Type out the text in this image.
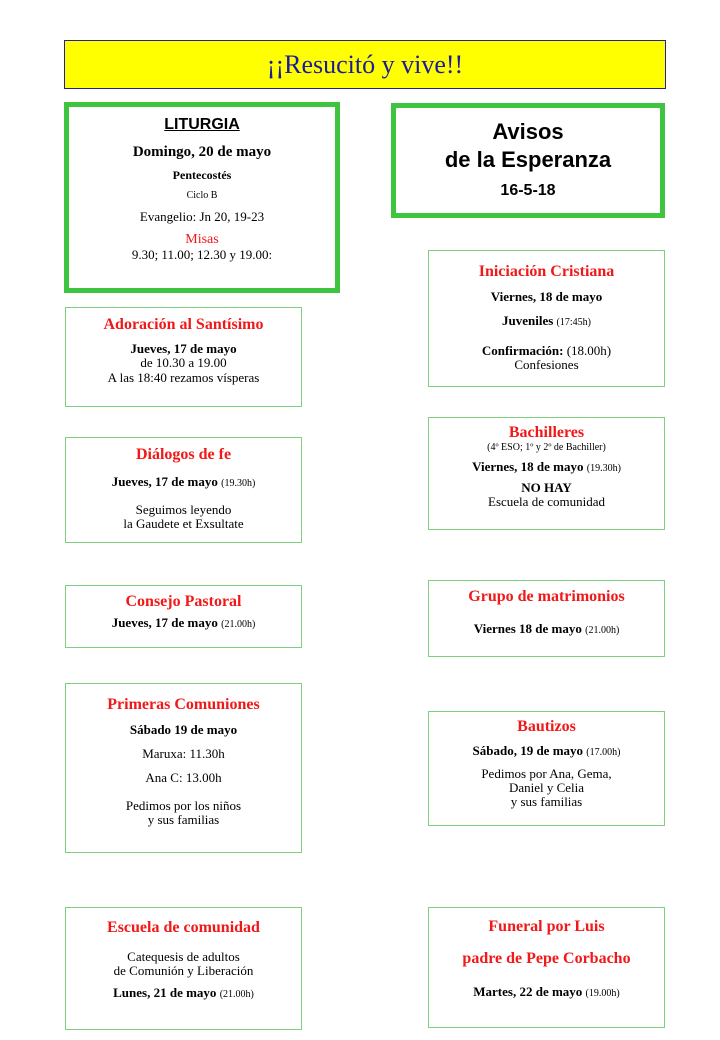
¡¡Resucitó y vive!!
LITURGIA
Domingo, 20 de mayo
Pentecostés
Ciclo B
Evangelio: Jn 20, 19-23
Misas
9.30; 11.00; 12.30 y 19.00:
Avisos
de la Esperanza
16-5-18
Adoración al Santísimo
Jueves, 17 de mayo
de 10.30 a 19.00
A las 18:40 rezamos vísperas
Diálogos de fe
Jueves, 17 de mayo (19.30h)
Seguimos leyendo
la Gaudete et Exsultate
Consejo Pastoral
Jueves, 17 de mayo (21.00h)
Primeras Comuniones
Sábado 19 de mayo
Maruxa: 11.30h
Ana C: 13.00h
Pedimos por los niños
y sus familias
Escuela de comunidad
Catequesis de adultos
de Comunión y Liberación
Lunes, 21 de mayo (21.00h)
Iniciación Cristiana
Viernes, 18 de mayo
Juveniles (17:45h)
Confirmación: (18.00h)
Confesiones
Bachilleres
(4º ESO; 1º y 2º de Bachiller)
Viernes, 18 de mayo (19.30h)
NO HAY
Escuela de comunidad
Grupo de matrimonios
Viernes 18 de mayo (21.00h)
Bautizos
Sábado, 19 de mayo (17.00h)
Pedimos por Ana, Gema,
Daniel y Celia
y sus familias
Funeral por Luis
padre de Pepe Corbacho
Martes, 22 de mayo (19.00h)
